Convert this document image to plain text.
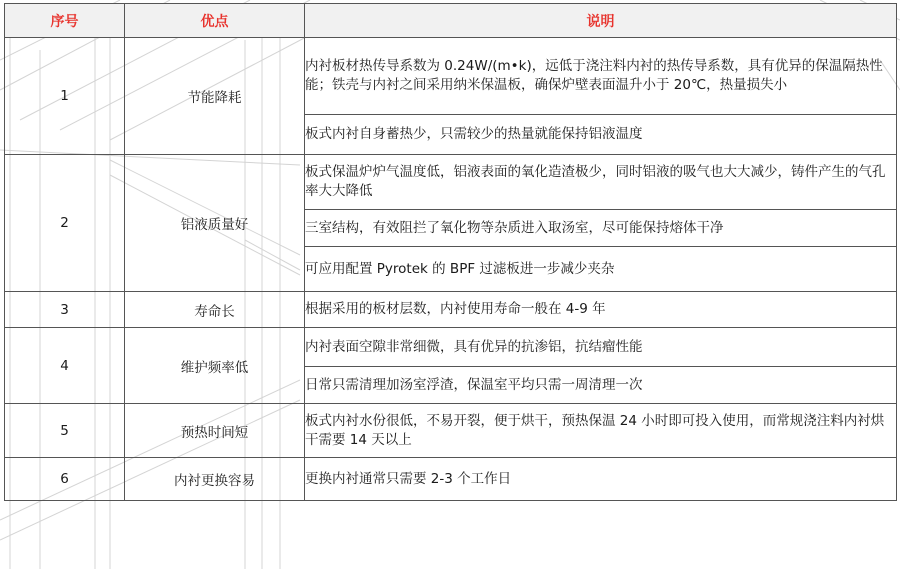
序号	优点	说明
1	节能降耗	内衬板材热传导系数为 0.24W/(m•k)，远低于浇注料内衬的热传导系数，具有优异的保温隔热性能；铁壳与内衬之间采用纳米保温板，确保炉壁表面温升小于 20℃，热量损失小
		板式内衬自身蓄热少，只需较少的热量就能保持铝液温度
2	铝液质量好	板式保温炉炉气温度低，铝液表面的氧化造渣极少，同时铝液的吸气也大大减少，铸件产生的气孔率大大降低
		三室结构，有效阻拦了氧化物等杂质进入取汤室，尽可能保持熔体干净
		可应用配置 Pyrotek 的 BPF 过滤板进一步减少夹杂
3	寿命长	根据采用的板材层数，内衬使用寿命一般在 4-9 年
4	维护频率低	内衬表面空隙非常细微，具有优异的抗渗铝，抗结瘤性能
		日常只需清理加汤室浮渣，保温室平均只需一周清理一次
5	预热时间短	板式内衬水份很低，不易开裂，便于烘干，预热保温 24 小时即可投入使用，而常规浇注料内衬烘干需要 14 天以上
6	内衬更换容易	更换内衬通常只需要 2-3 个工作日
